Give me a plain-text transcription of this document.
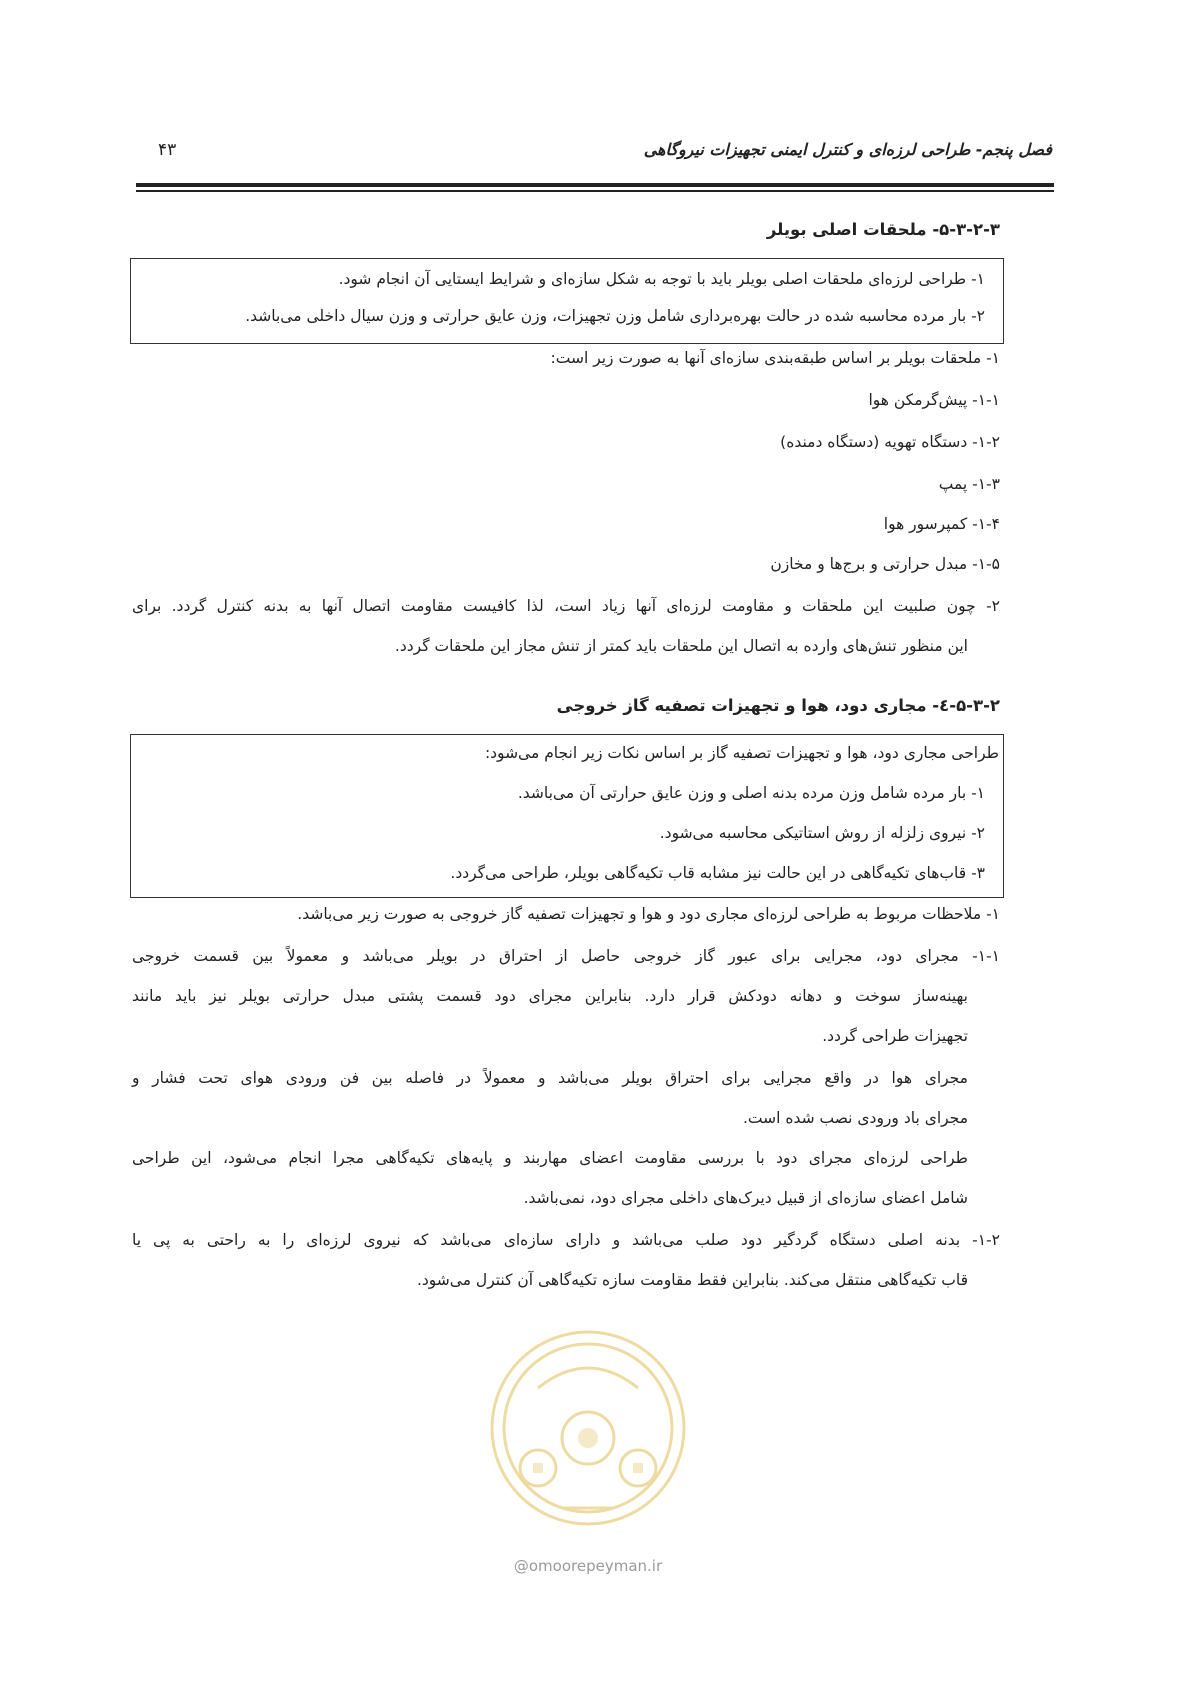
فصل پنجم- طراحی لرزه‌ای و کنترل ایمنی تجهیزات نیروگاهی
۴۳
۵-۳-۲-۳- ملحقات اصلی بویلر
۱- طراحی لرزه‌ای ملحقات اصلی بویلر باید با توجه به شکل سازه‌ای و شرایط ایستایی آن انجام شود.
۲- بار مرده محاسبه شده در حالت بهره‌برداری شامل وزن تجهیزات، وزن عایق حرارتی و وزن سیال داخلی می‌باشد.
۱- ملحقات بویلر بر اساس طبقه‌بندی سازه‌ای آنها به صورت زیر است:
۱-۱- پیش‌گرمکن هوا
۱-۲- دستگاه تهویه (دستگاه دمنده)
۱-۳- پمپ
۱-۴- کمپرسور هوا
۱-۵- مبدل حرارتی و برج‌ها و مخازن
۲- چون صلبیت این ملحقات و مقاومت لرزه‌ای آنها زیاد است، لذا کافیست مقاومت اتصال آنها به بدنه کنترل گردد. برای
این منظور تنش‌های وارده به اتصال این ملحقات باید کمتر از تنش مجاز این ملحقات گردد.
۵-۳-۲-٤- مجاری دود، هوا و تجهیزات تصفیه گاز خروجی
طراحی مجاری دود، هوا و تجهیزات تصفیه گاز بر اساس نکات زیر انجام می‌شود:
۱- بار مرده شامل وزن مرده بدنه اصلی و وزن عایق حرارتی آن می‌باشد.
۲- نیروی زلزله از روش استاتیکی محاسبه می‌شود.
۳- قاب‌های تکیه‌گاهی در این حالت نیز مشابه قاب تکیه‌گاهی بویلر، طراحی می‌گردد.
۱- ملاحظات مربوط به طراحی لرزه‌ای مجاری دود و هوا و تجهیزات تصفیه گاز خروجی به صورت زیر می‌باشد.
۱-۱- مجرای دود، مجرایی برای عبور گاز خروجی حاصل از احتراق در بویلر می‌باشد و معمولاً بین قسمت خروجی
بهینه‌ساز سوخت و دهانه دودکش قرار دارد. بنابراین مجرای دود قسمت پشتی مبدل حرارتی بویلر نیز باید مانند
تجهیزات طراحی گردد.
مجرای هوا در واقع مجرایی برای احتراق بویلر می‌باشد و معمولاً در فاصله بین فن ورودی هوای تحت فشار و
مجرای باد ورودی نصب شده است.
طراحی لرزه‌ای مجرای دود با بررسی مقاومت اعضای مهاربند و پایه‌های تکیه‌گاهی مجرا انجام می‌شود، این طراحی
شامل اعضای سازه‌ای از قبیل دیرک‌های داخلی مجرای دود، نمی‌باشد.
۱-۲- بدنه اصلی دستگاه گردگیر دود صلب می‌باشد و دارای سازه‌ای می‌باشد که نیروی لرزه‌ای را به راحتی به پی یا
قاب تکیه‌گاهی منتقل می‌کند. بنابراین فقط مقاومت سازه تکیه‌گاهی آن کنترل می‌شود.
@omoorepeyman.ir
